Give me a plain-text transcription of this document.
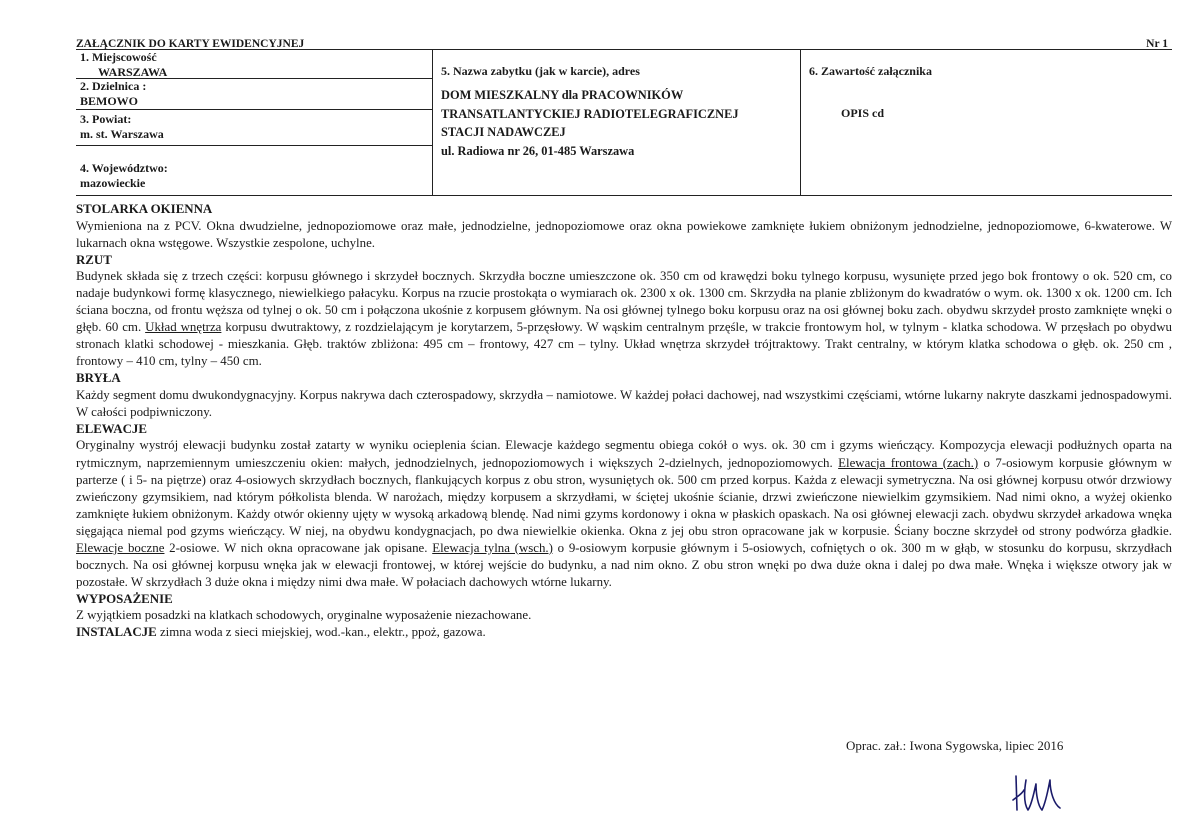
ZAŁĄCZNIK DO KARTY EWIDENCYJNEJ	Nr 1
1. Miejscowość
WARSZAWA
2. Dzielnica :
BEMOWO
3. Powiat:
m. st. Warszawa
4. Województwo:
mazowieckie
5. Nazwa zabytku (jak w karcie), adres
DOM MIESZKALNY dla PRACOWNIKÓW
TRANSATLANTYCKIEJ RADIOTELEGRAFICZNEJ
STACJI NADAWCZEJ
ul. Radiowa nr 26, 01-485 Warszawa
6. Zawartość załącznika
OPIS cd
STOLARKA OKIENNA
Wymieniona na z PCV. Okna dwudzielne, jednopoziomowe oraz małe, jednodzielne, jednopoziomowe oraz okna powiekowe zamknięte łukiem obniżonym jednodzielne, jednopoziomowe, 6-kwaterowe. W lukarnach okna wstęgowe. Wszystkie zespolone, uchylne.
RZUT
Budynek składa się z trzech części: korpusu głównego i skrzydeł bocznych. Skrzydła boczne umieszczone ok. 350 cm od krawędzi boku tylnego korpusu, wysunięte przed jego bok frontowy o ok. 520 cm, co nadaje budynkowi formę klasycznego, niewielkiego pałacyku. Korpus na rzucie prostokąta o wymiarach ok. 2300 x ok. 1300 cm. Skrzydła na planie zbliżonym do kwadratów o wym. ok. 1300 x ok. 1200 cm. Ich ściana boczna, od frontu węższa od tylnej o ok. 50 cm i połączona ukośnie z korpusem głównym. Na osi głównej tylnego boku korpusu oraz na osi głównej boku zach. obydwu skrzydeł prosto zamknięte wnęki o głęb. 60 cm. Układ wnętrza korpusu dwutraktowy, z rozdzielającym je korytarzem, 5-przęsłowy. W wąskim centralnym przęśle, w trakcie frontowym hol, w tylnym - klatka schodowa. W przęsłach po obydwu stronach klatki schodowej - mieszkania. Głęb. traktów zbliżona: 495 cm – frontowy, 427 cm – tylny. Układ wnętrza skrzydeł trójtraktowy. Trakt centralny, w którym klatka schodowa o głęb. ok. 250 cm , frontowy – 410 cm, tylny – 450 cm.
BRYŁA
Każdy segment domu dwukondygnacyjny. Korpus nakrywa dach czterospadowy, skrzydła – namiotowe. W każdej połaci dachowej, nad wszystkimi częściami, wtórne lukarny nakryte daszkami jednospadowymi. W całości podpiwniczony.
ELEWACJE
Oryginalny wystrój elewacji budynku został zatarty w wyniku ocieplenia ścian. Elewacje każdego segmentu obiega cokół o wys. ok. 30 cm i gzyms wieńczący. Kompozycja elewacji podłużnych oparta na rytmicznym, naprzemiennym umieszczeniu okien: małych, jednodzielnych, jednopoziomowych i większych 2-dzielnych, jednopoziomowych. Elewacja frontowa (zach.) o 7-osiowym korpusie głównym w parterze ( i 5- na piętrze) oraz 4-osiowych skrzydłach bocznych, flankujących korpus z obu stron, wysuniętych ok. 500 cm przed korpus. Każda z elewacji symetryczna. Na osi głównej korpusu otwór drzwiowy zwieńczony gzymsikiem, nad którym półkolista blenda. W narożach, między korpusem a skrzydłami, w ściętej ukośnie ścianie, drzwi zwieńczone niewielkim gzymsikiem. Nad nimi okno, a wyżej okienko zamknięte łukiem obniżonym. Każdy otwór okienny ujęty w wysoką arkadową blendę. Nad nimi gzyms kordonowy i okna w płaskich opaskach. Na osi głównej elewacji zach. obydwu skrzydeł arkadowa wnęka sięgająca niemal pod gzyms wieńczący. W niej, na obydwu kondygnacjach, po dwa niewielkie okienka. Okna z jej obu stron opracowane jak w korpusie. Ściany boczne skrzydeł od strony podwórza gładkie. Elewacje boczne 2-osiowe. W nich okna opracowane jak opisane. Elewacja tylna (wsch.) o 9-osiowym korpusie głównym i 5-osiowych, cofniętych o ok. 300 m w głąb, w stosunku do korpusu, skrzydłach bocznych. Na osi głównej korpusu wnęka jak w elewacji frontowej, w której wejście do budynku, a nad nim okno. Z obu stron wnęki po dwa duże okna i dalej po dwa małe. Wnęka i większe otwory jak w pozostałe. W skrzydłach 3 duże okna i między nimi dwa małe. W połaciach dachowych wtórne lukarny.
WYPOSAŻENIE
Z wyjątkiem posadzki na klatkach schodowych, oryginalne wyposażenie niezachowane.
INSTALACJE zimna woda z sieci miejskiej, wod.-kan., elektr., ppoż, gazowa.
Oprac. zał.: Iwona Sygowska, lipiec 2016
